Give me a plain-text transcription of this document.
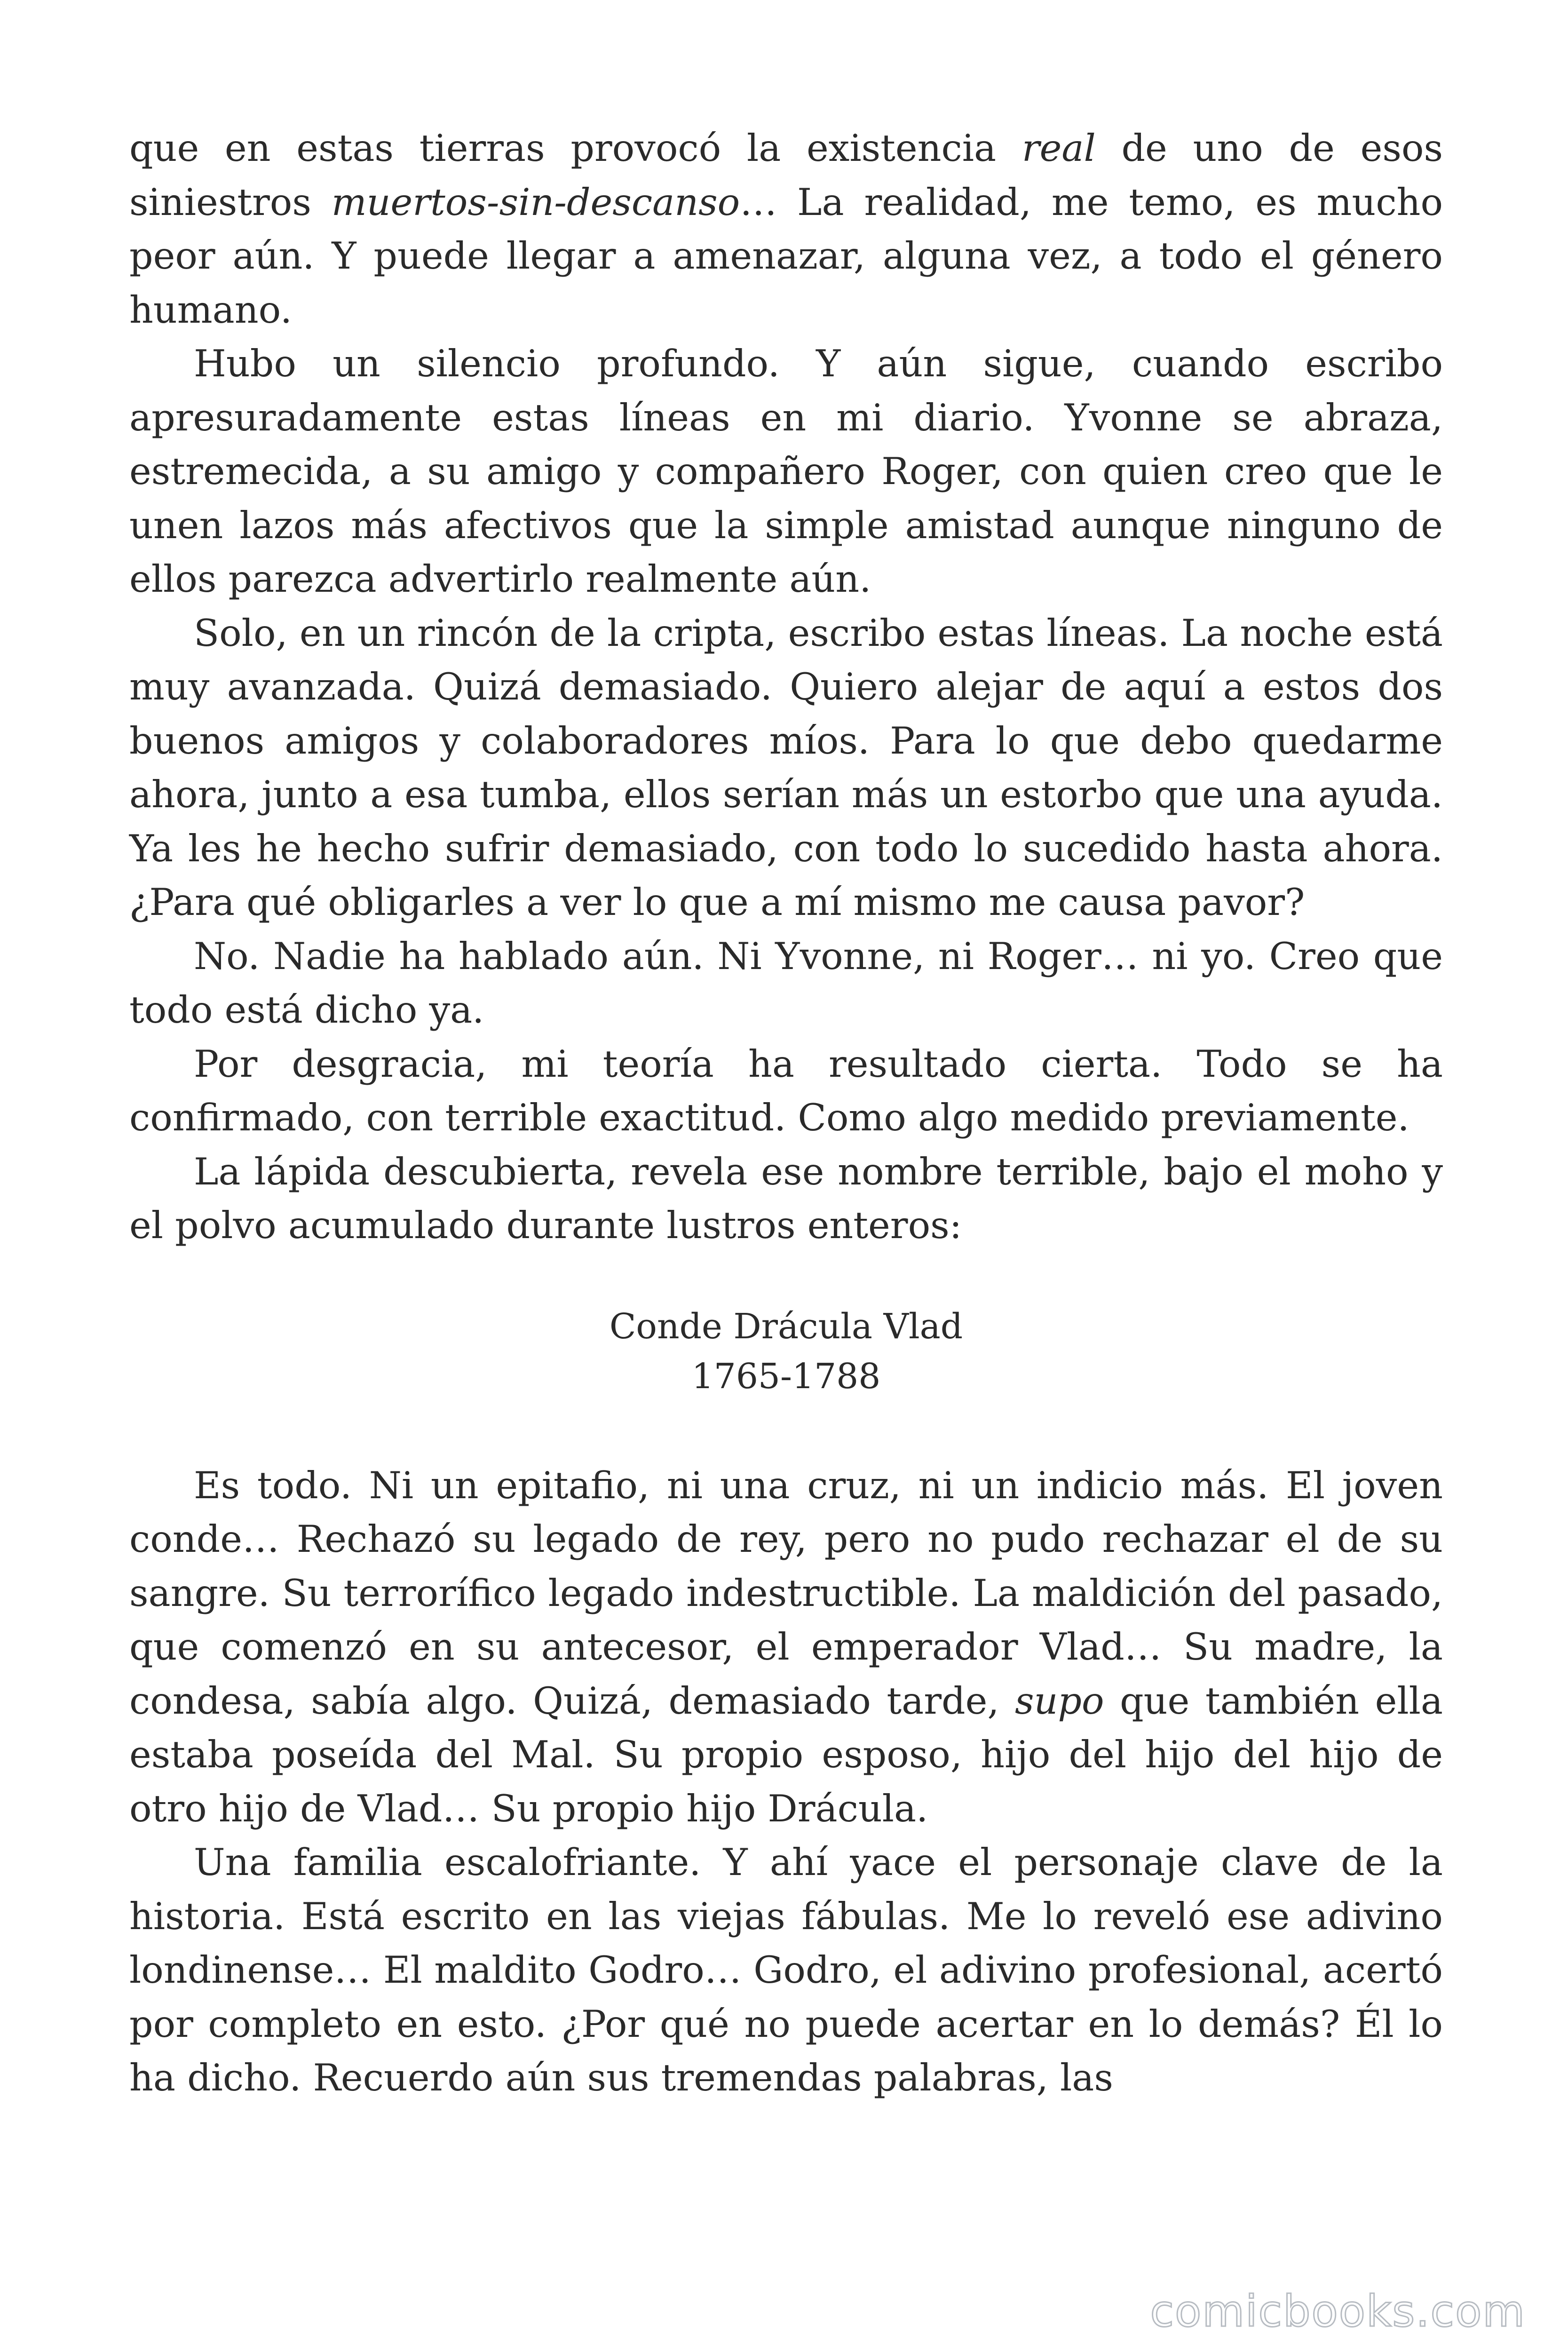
que en estas tierras provocó la existencia real de uno de esos siniestros muertos-sin-descanso… La realidad, me temo, es mucho peor aún. Y puede llegar a amenazar, alguna vez, a todo el género humano.

Hubo un silencio profundo. Y aún sigue, cuando escribo apresuradamente estas líneas en mi diario. Yvonne se abraza, estremecida, a su amigo y compañero Roger, con quien creo que le unen lazos más afectivos que la simple amistad aunque ninguno de ellos parezca advertirlo realmente aún.

Solo, en un rincón de la cripta, escribo estas líneas. La noche está muy avanzada. Quizá demasiado. Quiero alejar de aquí a estos dos buenos amigos y colaboradores míos. Para lo que debo quedarme ahora, junto a esa tumba, ellos serían más un estorbo que una ayuda. Ya les he hecho sufrir demasiado, con todo lo sucedido hasta ahora. ¿Para qué obligarles a ver lo que a mí mismo me causa pavor?

No. Nadie ha hablado aún. Ni Yvonne, ni Roger… ni yo. Creo que todo está dicho ya.

Por desgracia, mi teoría ha resultado cierta. Todo se ha confirmado, con terrible exactitud. Como algo medido previamente.

La lápida descubierta, revela ese nombre terrible, bajo el moho y el polvo acumulado durante lustros enteros:

Conde Drácula Vlad
1765-1788

Es todo. Ni un epitafio, ni una cruz, ni un indicio más. El joven conde… Rechazó su legado de rey, pero no pudo rechazar el de su sangre. Su terrorífico legado indestructible. La maldición del pasado, que comenzó en su antecesor, el emperador Vlad… Su madre, la condesa, sabía algo. Quizá, demasiado tarde, supo que también ella estaba poseída del Mal. Su propio esposo, hijo del hijo del hijo de otro hijo de Vlad… Su propio hijo Drácula.

Una familia escalofriante. Y ahí yace el personaje clave de la historia. Está escrito en las viejas fábulas. Me lo reveló ese adivino londinense… El maldito Godro… Godro, el adivino profesional, acertó por completo en esto. ¿Por qué no puede acertar en lo demás? Él lo ha dicho. Recuerdo aún sus tremendas palabras, las

comicbooks.com
